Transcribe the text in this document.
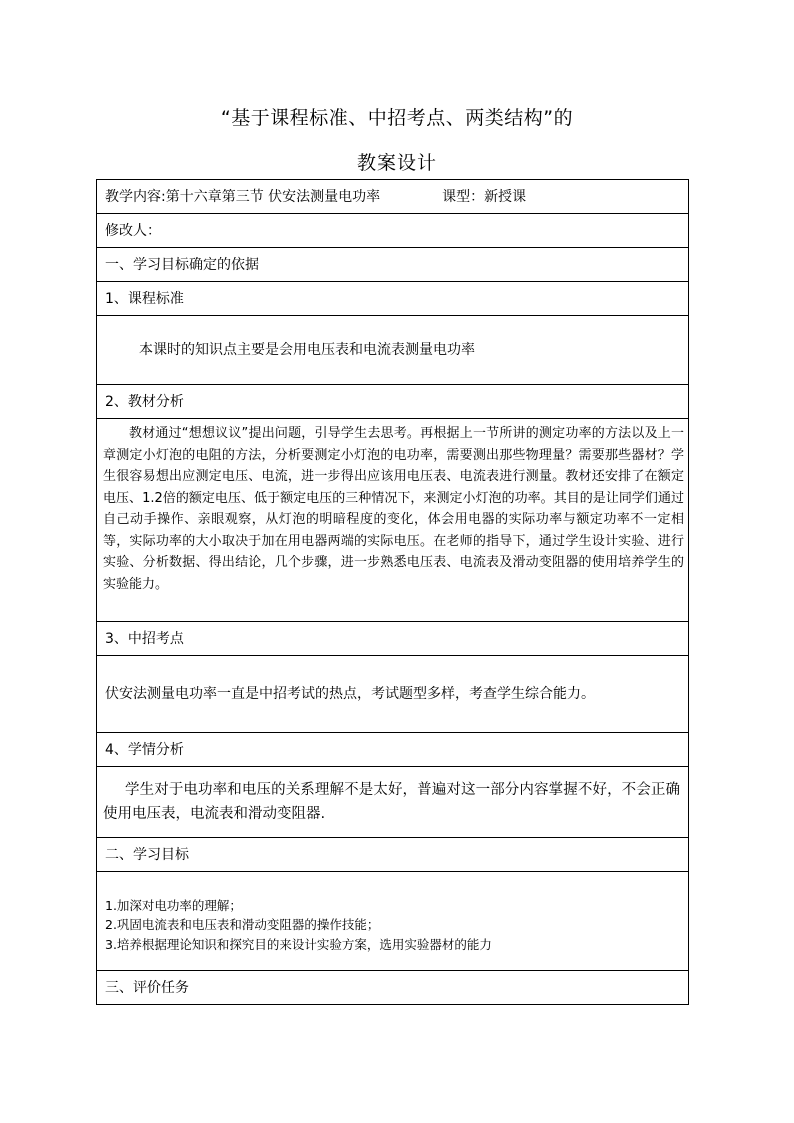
“基于课程标准、中招考点、两类结构”的
教案设计
教学内容:第十六章第三节 伏安法测量电功率	课型：新授课

修改人：
一、学习目标确定的依据
1、课程标准
本课时的知识点主要是会用电压表和电流表测量电功率
2、教材分析
教材通过“想想议议”提出问题，引导学生去思考。再根据上一节所讲的测定功率的方法以及上一章测定小灯泡的电阻的方法，分析要测定小灯泡的电功率，需要测出那些物理量？需要那些器材？学生很容易想出应测定电压、电流，进一步得出应该用电压表、电流表进行测量。教材还安排了在额定电压、1.2倍的额定电压、低于额定电压的三种情况下，来测定小灯泡的功率。其目的是让同学们通过自己动手操作、亲眼观察，从灯泡的明暗程度的变化，体会用电器的实际功率与额定功率不一定相等，实际功率的大小取决于加在用电器两端的实际电压。在老师的指导下，通过学生设计实验、进行实验、分析数据、得出结论，几个步骤，进一步熟悉电压表、电流表及滑动变阻器的使用培养学生的实验能力。
3、中招考点
伏安法测量电功率一直是中招考试的热点，考试题型多样，考查学生综合能力。
4、学情分析
学生对于电功率和电压的关系理解不是太好，普遍对这一部分内容掌握不好，不会正确使用电压表，电流表和滑动变阻器.
二、学习目标

1.加深对电功率的理解；
2.巩固电流表和电压表和滑动变阻器的操作技能；
3.培养根据理论知识和探究目的来设计实验方案，选用实验器材的能力

三、评价任务
